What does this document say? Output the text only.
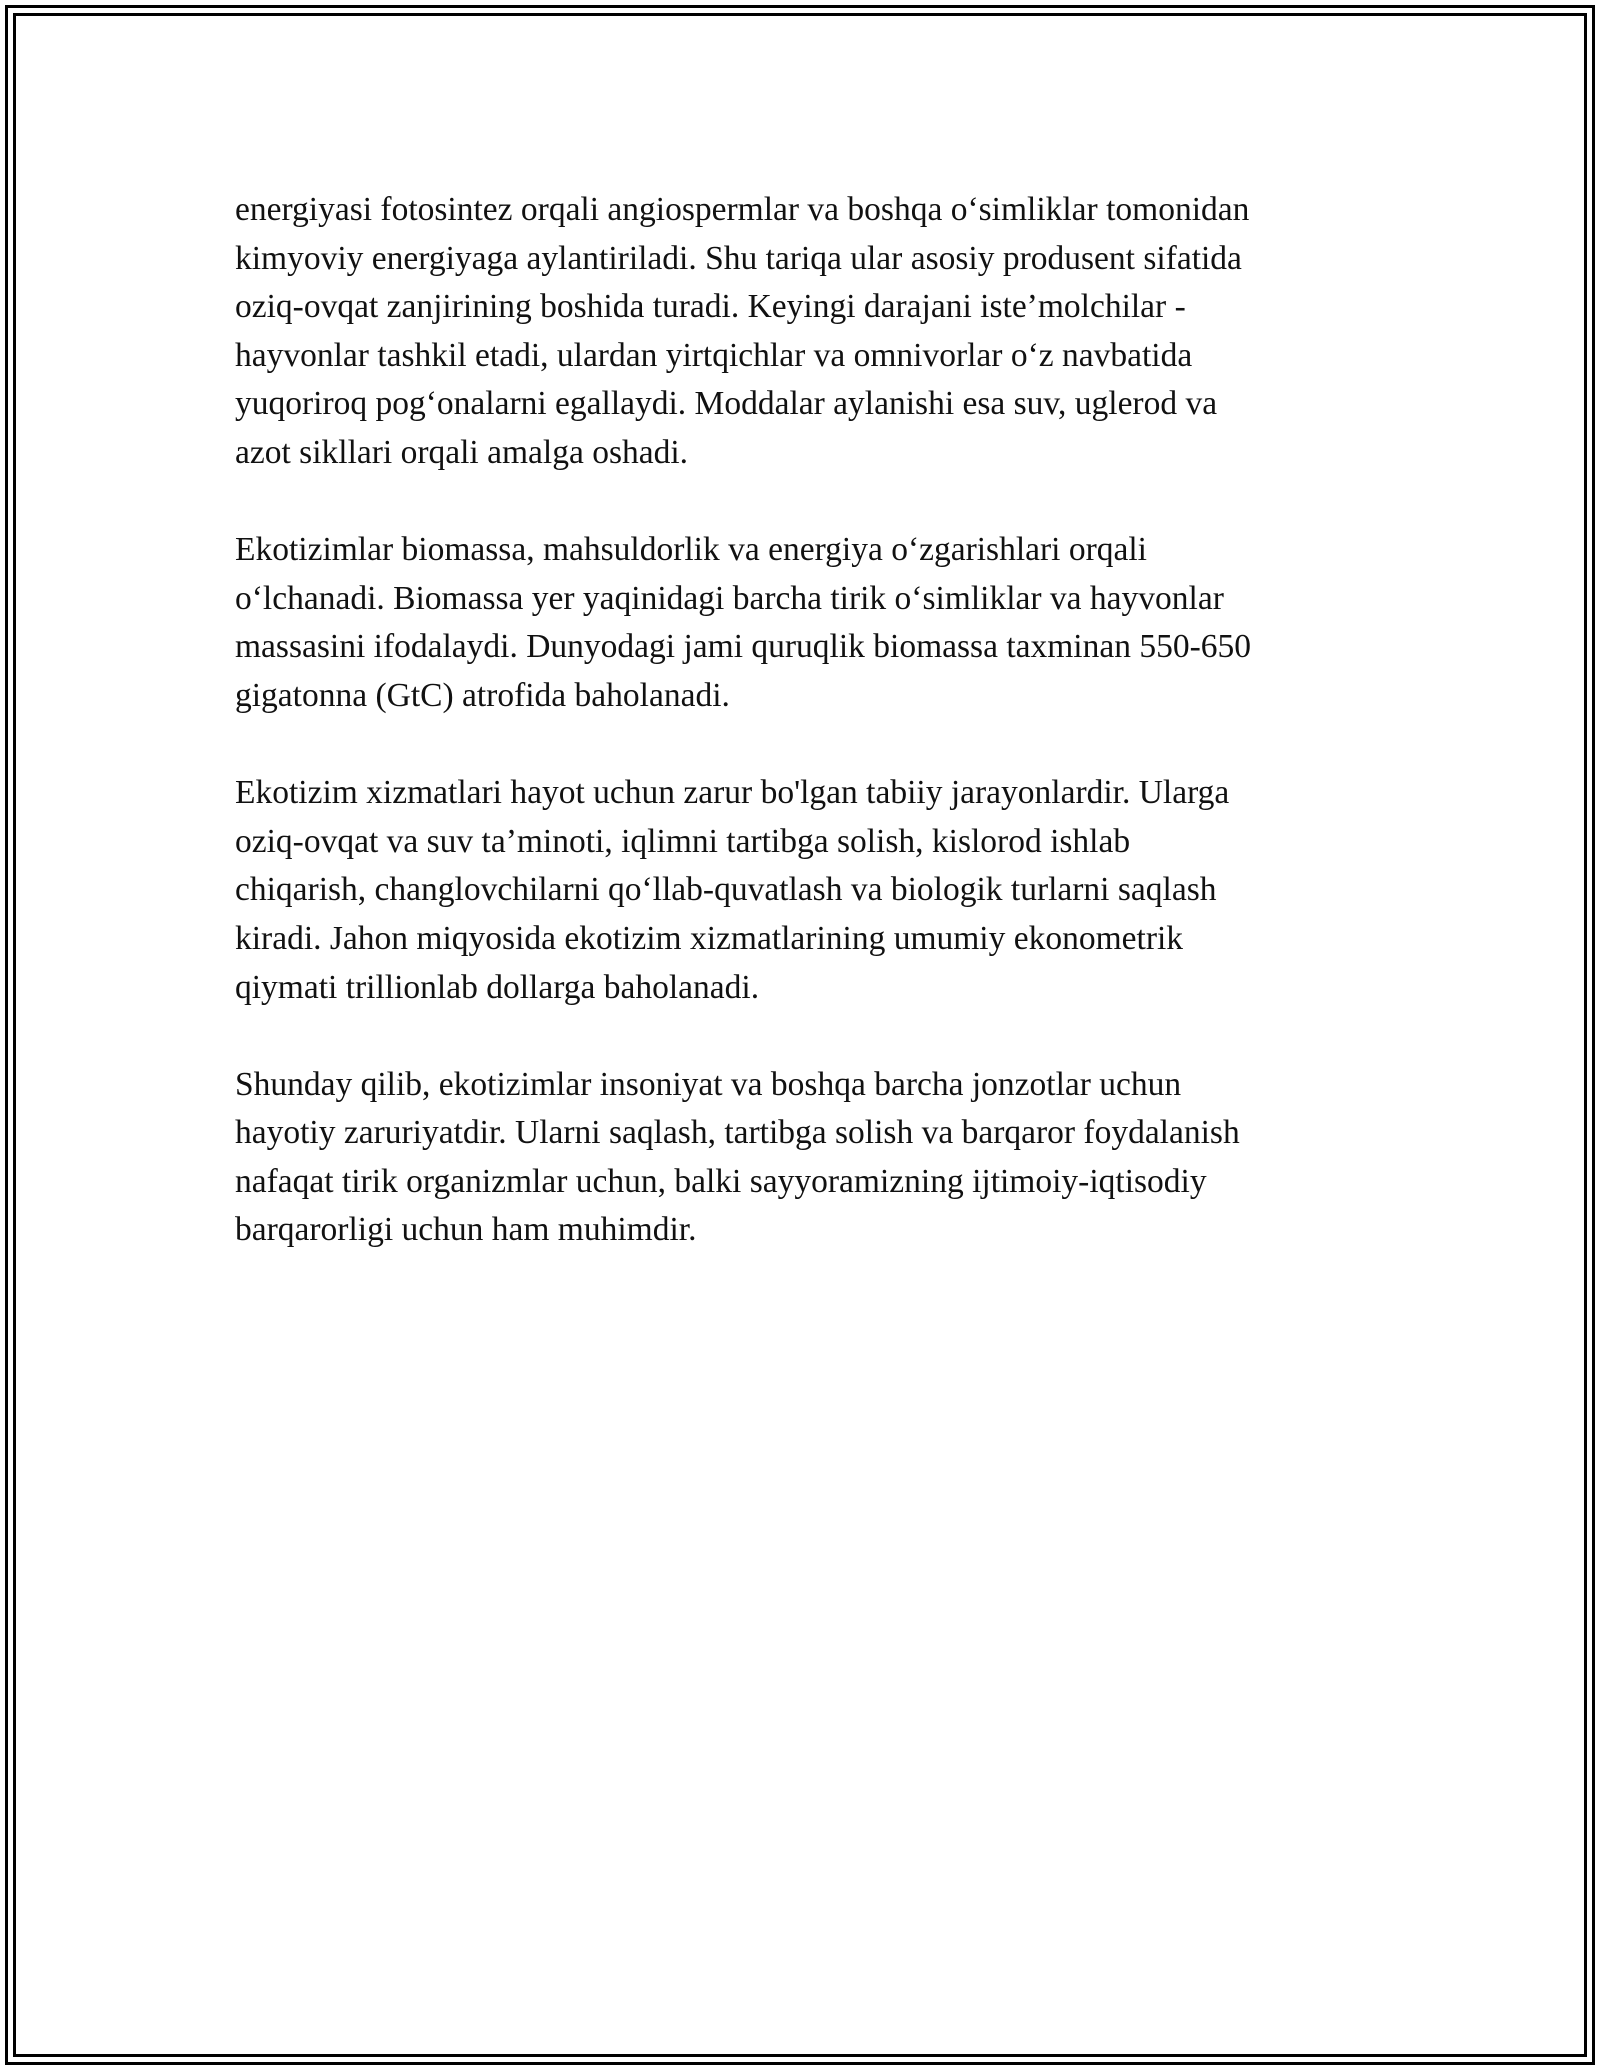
energiyasi fotosintez orqali angiospermlar va boshqa o‘simliklar tomonidan
kimyoviy energiyaga aylantiriladi. Shu tariqa ular asosiy produsent sifatida
oziq-ovqat zanjirining boshida turadi. Keyingi darajani iste’molchilar -
hayvonlar tashkil etadi, ulardan yirtqichlar va omnivorlar o‘z navbatida
yuqoriroq pog‘onalarni egallaydi. Moddalar aylanishi esa suv, uglerod va
azot sikllari orqali amalga oshadi.

Ekotizimlar biomassa, mahsuldorlik va energiya o‘zgarishlari orqali
o‘lchanadi. Biomassa yer yaqinidagi barcha tirik o‘simliklar va hayvonlar
massasini ifodalaydi. Dunyodagi jami quruqlik biomassa taxminan 550-650
gigatonna (GtC) atrofida baholanadi.

Ekotizim xizmatlari hayot uchun zarur bo'lgan tabiiy jarayonlardir. Ularga
oziq-ovqat va suv ta’minoti, iqlimni tartibga solish, kislorod ishlab
chiqarish, changlovchilarni qo‘llab-quvatlash va biologik turlarni saqlash
kiradi. Jahon miqyosida ekotizim xizmatlarining umumiy ekonometrik
qiymati trillionlab dollarga baholanadi.

Shunday qilib, ekotizimlar insoniyat va boshqa barcha jonzotlar uchun
hayotiy zaruriyatdir. Ularni saqlash, tartibga solish va barqaror foydalanish
nafaqat tirik organizmlar uchun, balki sayyoramizning ijtimoiy-iqtisodiy
barqarorligi uchun ham muhimdir.
